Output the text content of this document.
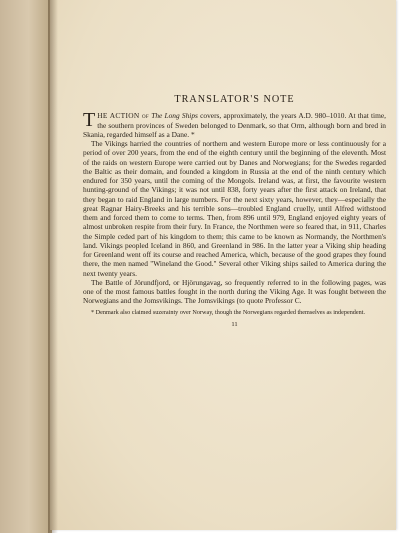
TRANSLATOR'S NOTE

THE ACTION of The Long Ships covers, approximately, the years A.D. 980–1010. At that time, the southern provinces of Sweden belonged to Denmark, so that Orm, although born and bred in Skania, regarded himself as a Dane. *

The Vikings harried the countries of northern and western Europe more or less continuously for a period of over 200 years, from the end of the eighth century until the beginning of the eleventh. Most of the raids on western Europe were carried out by Danes and Norwegians; for the Swedes regarded the Baltic as their domain, and founded a kingdom in Russia at the end of the ninth century which endured for 350 years, until the coming of the Mongols. Ireland was, at first, the favourite western hunting-ground of the Vikings; it was not until 838, forty years after the first attack on Ireland, that they began to raid England in large numbers. For the next sixty years, however, they—especially the great Ragnar Hairy-Breeks and his terrible sons—troubled England cruelly, until Alfred withstood them and forced them to come to terms. Then, from 896 until 979, England enjoyed eighty years of almost unbroken respite from their fury. In France, the Northmen were so feared that, in 911, Charles the Simple ceded part of his kingdom to them; this came to be known as Normandy, the Northmen's land. Vikings peopled Iceland in 860, and Greenland in 986. In the latter year a Viking ship heading for Greenland went off its course and reached America, which, because of the good grapes they found there, the men named "Wineland the Good." Several other Viking ships sailed to America during the next twenty years.

The Battle of Jörundfjord, or Hjörungavag, so frequently referred to in the following pages, was one of the most famous battles fought in the north during the Viking Age. It was fought between the Norwegians and the Jomsvikings. The Jomsvikings (to quote Professor C.

* Denmark also claimed suzerainty over Norway, though the Norwegians regarded themselves as independent.

11
